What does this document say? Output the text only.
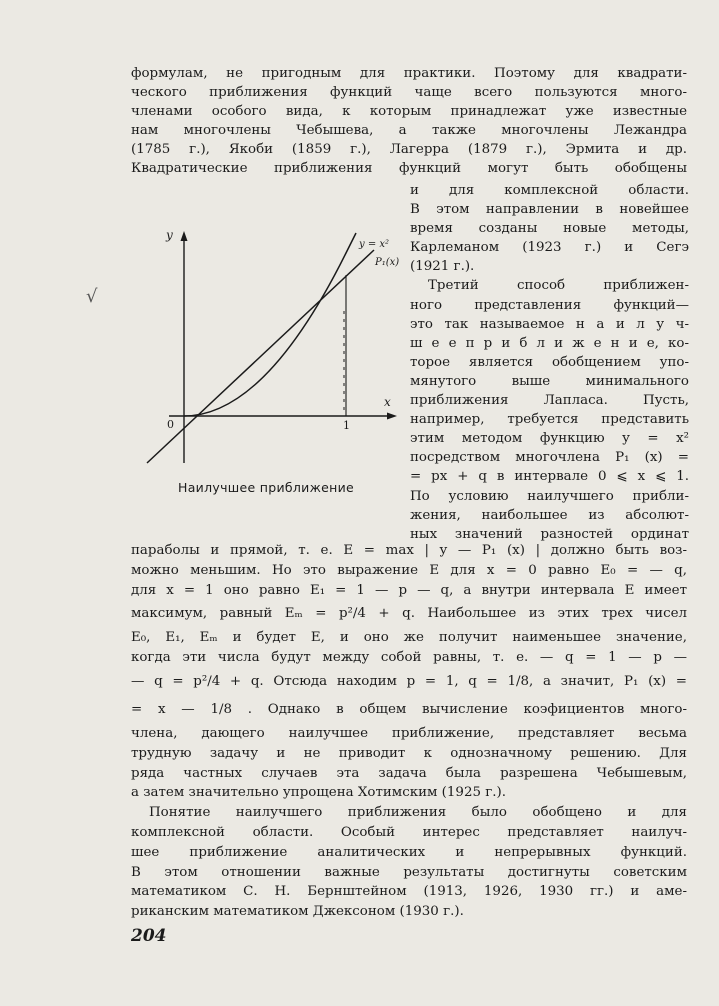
√
формулам, не пригодным для практики. Поэтому для квадрати-
ческого приближения функций чаще всего пользуются много-
членами особого вида, к которым принадлежат уже известные
нам многочлены Чебышева, а также многочлены Лежандра
(1785 г.), Якоби (1859 г.), Лагерра (1879 г.), Эрмита и др.
Квадратические приближения функций могут быть обобщены
и для комплексной области.
В этом направлении в новейшее
время созданы новые методы,
Карлеманом (1923 г.) и Сегэ
(1921 г.).
Третий способ приближен-
ного представления функций—
это так называемое н а и л у ч-
ш е е п р и б л и ж е н и е, ко-
торое является обобщением упо-
мянутого выше минимального
приближения Лапласа. Пусть,
например, требуется представить
этим методом функцию y = x²
посредством многочлена P₁ (x) =
= px + q в интервале 0 ⩽ x ⩽ 1.
По условию наилучшего прибли-
жения, наибольшее из абсолют-
ных значений разностей ординат
y
x
0	1
y = x²
P₁(x)
Наилучшее приближение
параболы и прямой, т. е. E = max | y — P₁ (x) | должно быть воз-
можно меньшим. Но это выражение E для x = 0 равно E₀ = — q,
для x = 1 оно равно E₁ = 1 — p — q, а внутри интервала E имеет
максимум, равный Eₘ = p²/4 + q. Наибольшее из этих трех чисел
E₀, E₁, Eₘ и будет E, и оно же получит наименьшее значение,
когда эти числа будут между собой равны, т. е. — q = 1 — p —
— q = p²/4 + q. Отсюда находим p = 1, q = 1/8, а значит, P₁ (x) =
= x — 1/8 . Однако в общем вычисление коэфициентов много-
члена, дающего наилучшее приближение, представляет весьма
трудную задачу и не приводит к однозначному решению. Для
ряда частных случаев эта задача была разрешена Чебышевым,
а затем значительно упрощена Хотимским (1925 г.).
Понятие наилучшего приближения было обобщено и для
комплексной области. Особый интерес представляет наилуч-
шее приближение аналитических и непрерывных функций.
В этом отношении важные результаты достигнуты советским
математиком С. Н. Бернштейном (1913, 1926, 1930 гг.) и аме-
риканским математиком Джексоном (1930 г.).
204
